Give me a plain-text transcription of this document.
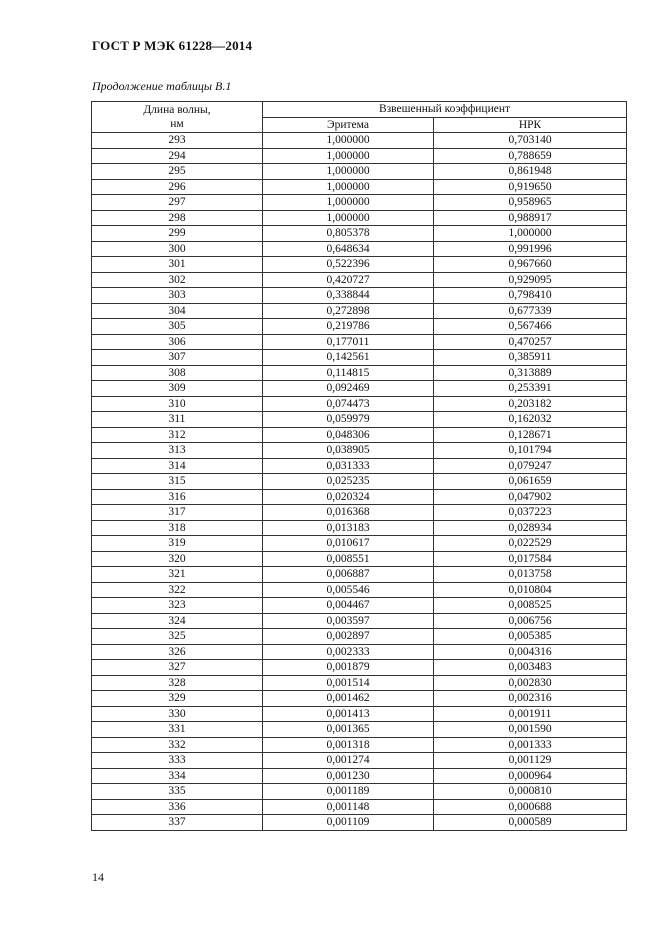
ГОСТ Р МЭК 61228—2014
Продолжение таблицы В.1
Длина волны,
нм	Взвешенный коэффициент	
	Эритема	НРК
293	1,000000	0,703140
294	1,000000	0,788659
295	1,000000	0,861948
296	1,000000	0,919650
297	1,000000	0,958965
298	1,000000	0,988917
299	0,805378	1,000000
300	0,648634	0,991996
301	0,522396	0,967660
302	0,420727	0,929095
303	0,338844	0,798410
304	0,272898	0,677339
305	0,219786	0,567466
306	0,177011	0,470257
307	0,142561	0,385911
308	0,114815	0,313889
309	0,092469	0,253391
310	0,074473	0,203182
311	0,059979	0,162032
312	0,048306	0,128671
313	0,038905	0,101794
314	0,031333	0,079247
315	0,025235	0,061659
316	0,020324	0,047902
317	0,016368	0,037223
318	0,013183	0,028934
319	0,010617	0,022529
320	0,008551	0,017584
321	0,006887	0,013758
322	0,005546	0,010804
323	0,004467	0,008525
324	0,003597	0,006756
325	0,002897	0,005385
326	0,002333	0,004316
327	0,001879	0,003483
328	0,001514	0,002830
329	0,001462	0,002316
330	0,001413	0,001911
331	0,001365	0,001590
332	0,001318	0,001333
333	0,001274	0,001129
334	0,001230	0,000964
335	0,001189	0,000810
336	0,001148	0,000688
337	0,001109	0,000589
14
